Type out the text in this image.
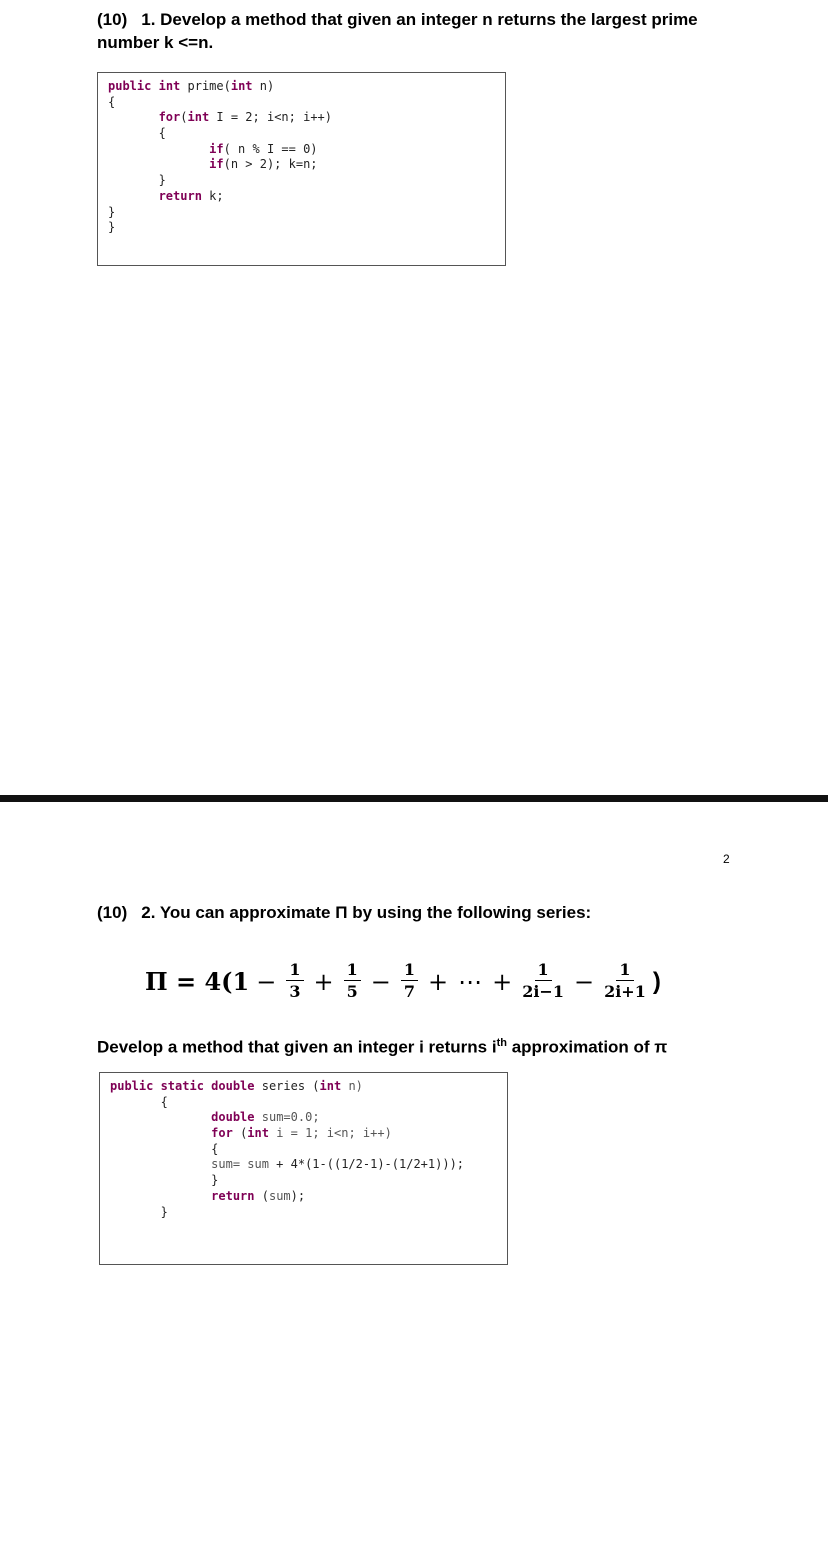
(10) 1. Develop a method that given an integer n returns the largest prime
number k <=n.
public int prime(int n)
{
for(int I = 2; i<n; i++)
{
if( n % I == 0)
if(n > 2); k=n;
}
return k;
}
}
2
(10) 2. You can approximate Π by using the following series:
$\Pi = 4(1 - \frac{1}{3} + \frac{1}{5} - \frac{1}{7}$ + ⋯ + $\frac{1}{2i-1} - \frac{1}{2i+1}$ )
Develop a method that given an integer i returns $i^{th}$ approximation of π
public static double series (int n)
{
double sum=0.0;
for (int i = 1; i<n; i++)
{
sum= sum + 4*(1-((1/2-1)-(1/2+1)));
}
return (sum);
}
